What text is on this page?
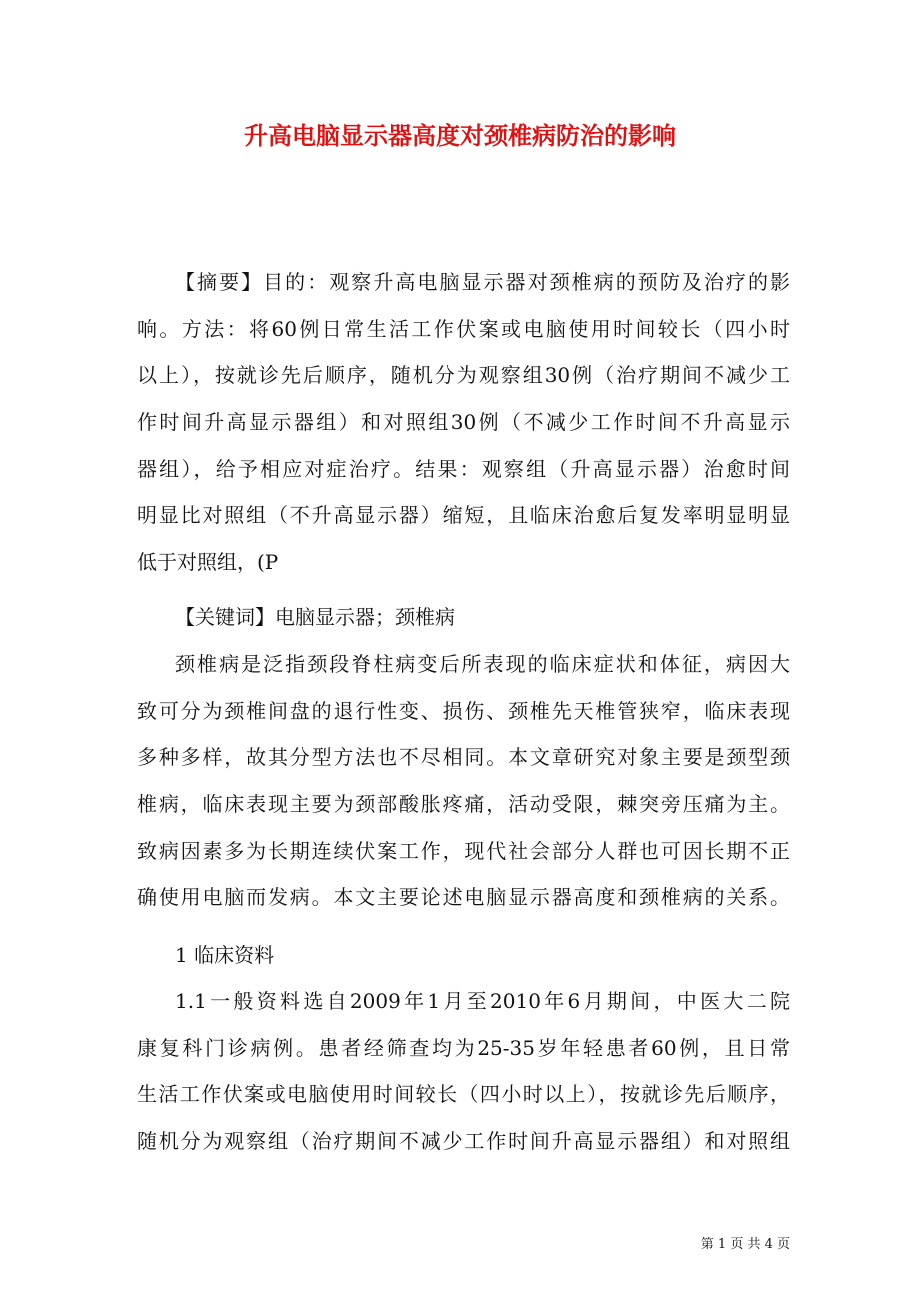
升高电脑显示器高度对颈椎病防治的影响
【摘要】目的：观察升高电脑显示器对颈椎病的预防及治疗的影
响。方法：将60例日常生活工作伏案或电脑使用时间较长（四小时
以上），按就诊先后顺序，随机分为观察组30例（治疗期间不减少工
作时间升高显示器组）和对照组30例（不减少工作时间不升高显示
器组），给予相应对症治疗。结果：观察组（升高显示器）治愈时间
明显比对照组（不升高显示器）缩短，且临床治愈后复发率明显明显
低于对照组，(P
【关键词】电脑显示器；颈椎病
颈椎病是泛指颈段脊柱病变后所表现的临床症状和体征，病因大
致可分为颈椎间盘的退行性变、损伤、颈椎先天椎管狭窄，临床表现
多种多样，故其分型方法也不尽相同。本文章研究对象主要是颈型颈
椎病，临床表现主要为颈部酸胀疼痛，活动受限，棘突旁压痛为主。
致病因素多为长期连续伏案工作，现代社会部分人群也可因长期不正
确使用电脑而发病。本文主要论述电脑显示器高度和颈椎病的关系。
1 临床资料
1.1一般资料选自2009年1月至2010年6月期间，中医大二院
康复科门诊病例。患者经筛查均为25-35岁年轻患者60例，且日常
生活工作伏案或电脑使用时间较长（四小时以上），按就诊先后顺序，
随机分为观察组（治疗期间不减少工作时间升高显示器组）和对照组
第 1 页 共 4 页
